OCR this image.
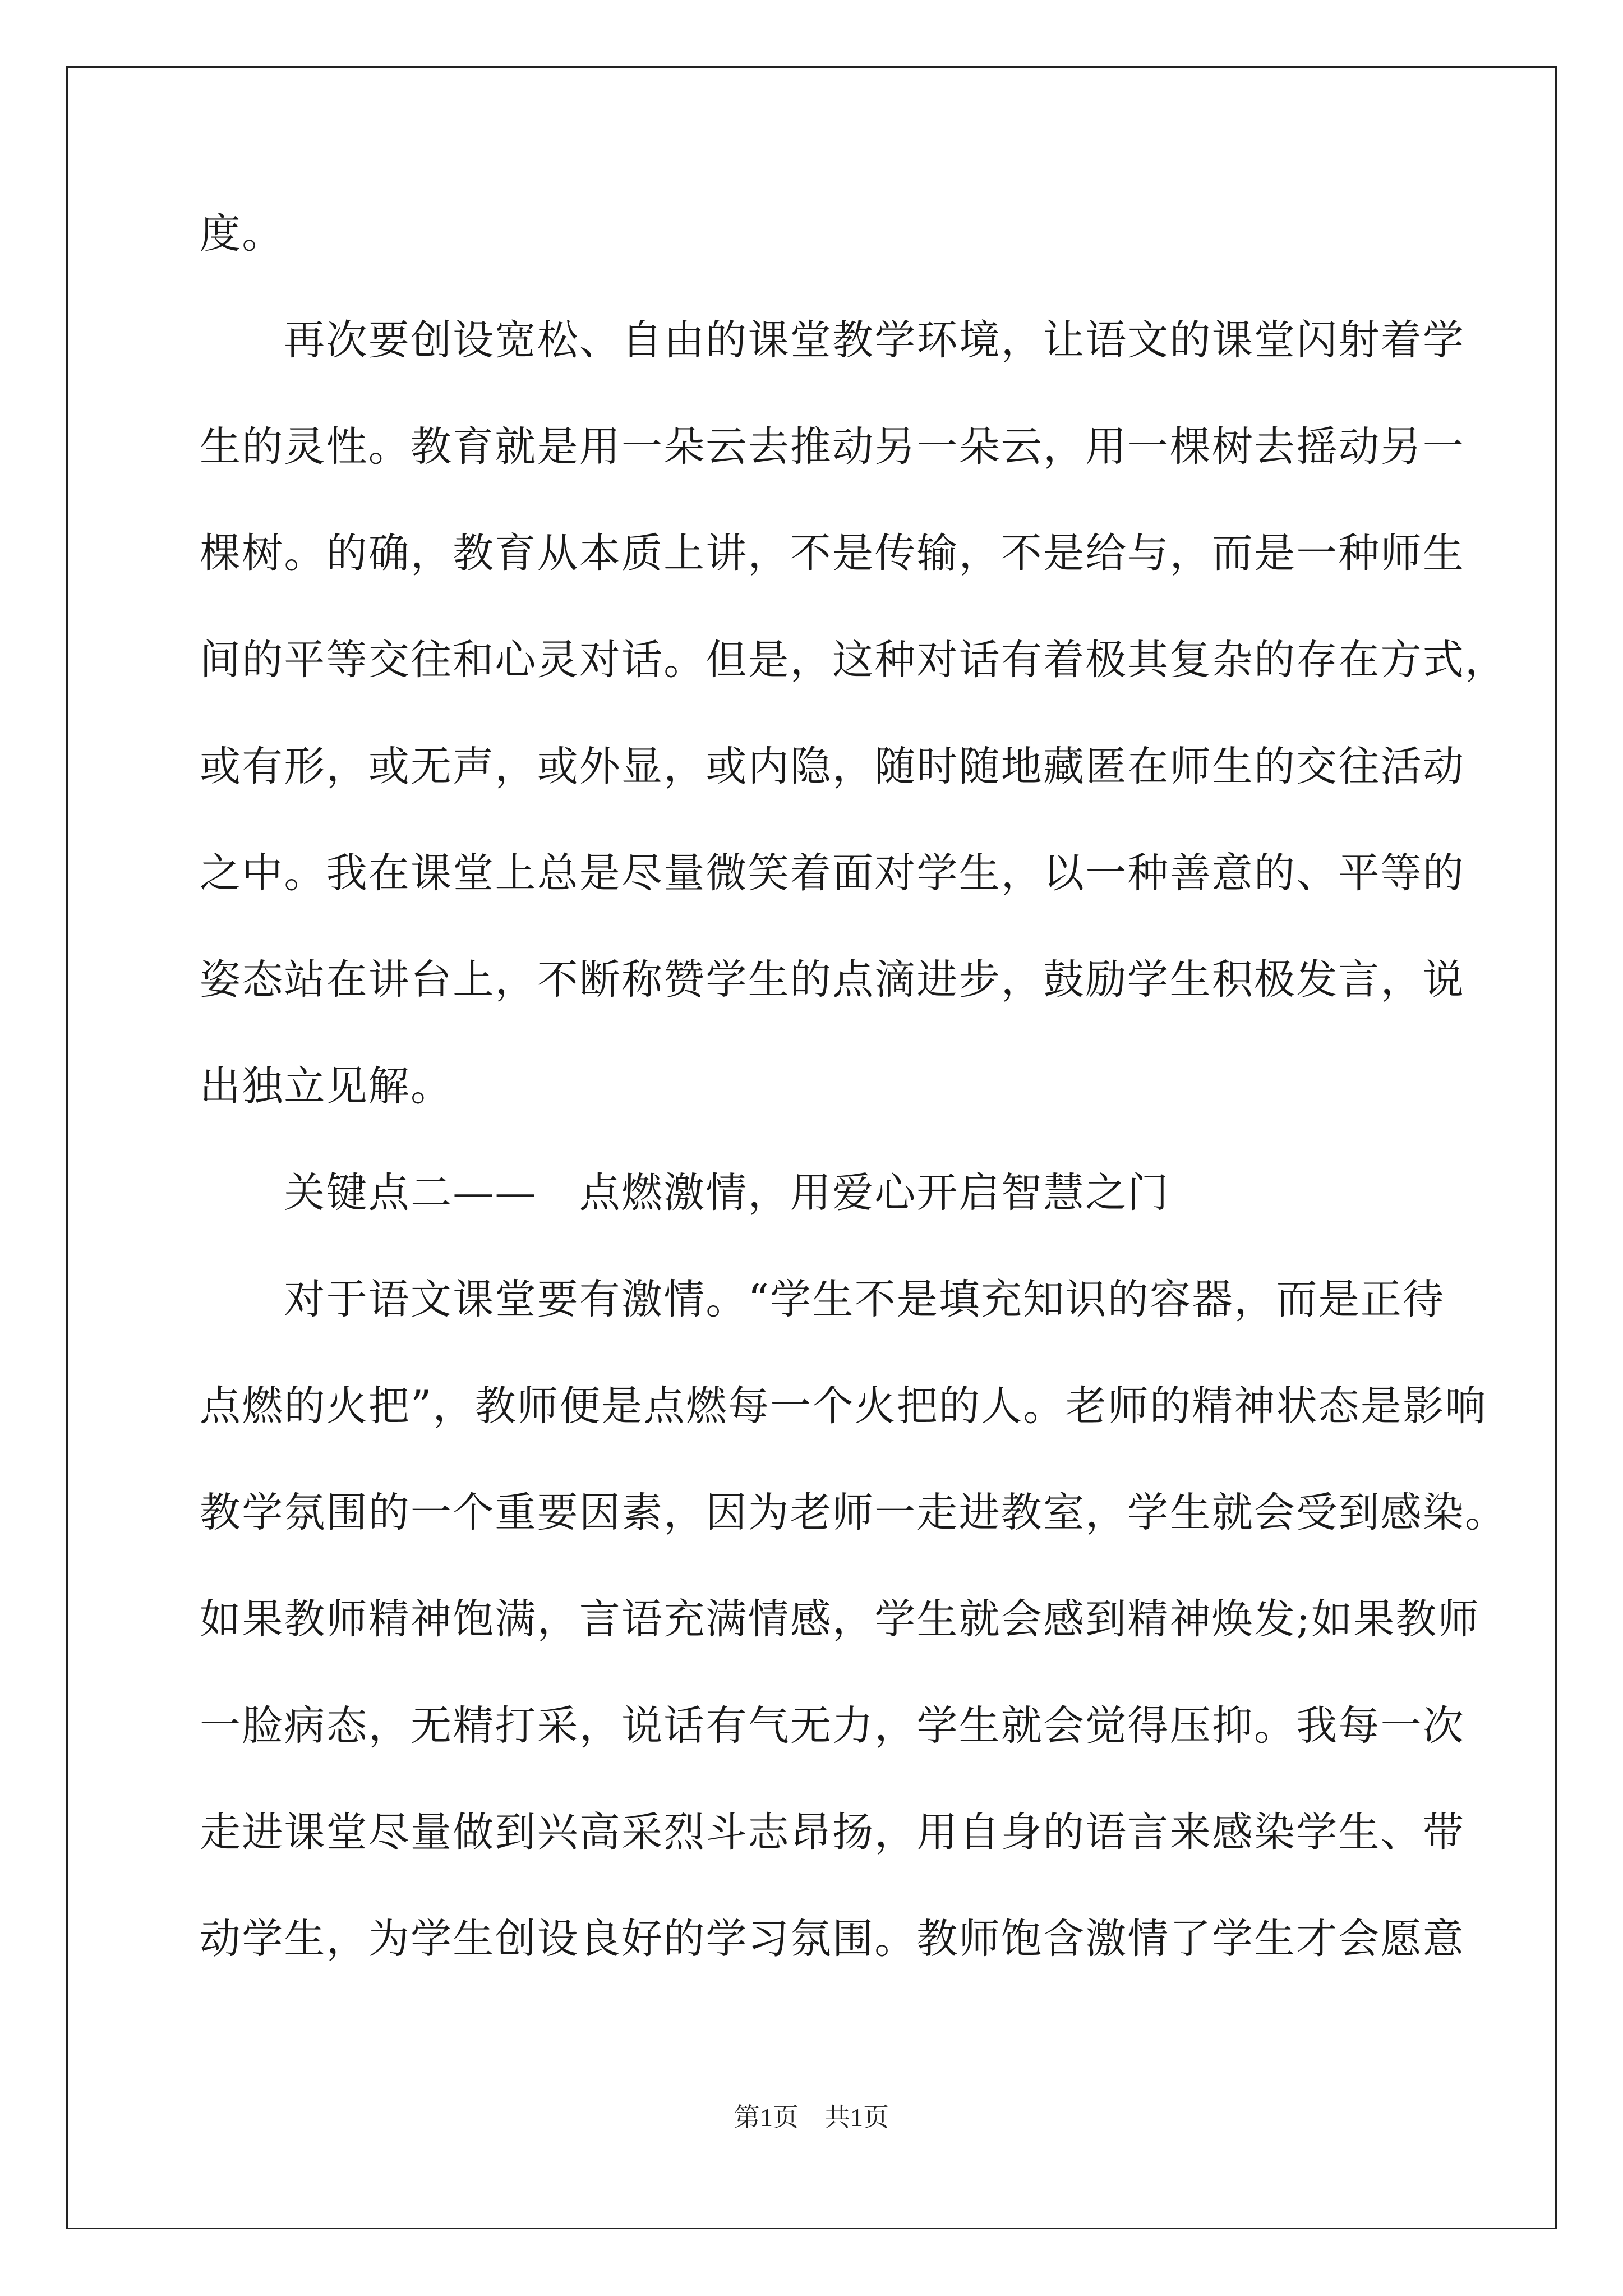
度。
　　再次要创设宽松、自由的课堂教学环境，让语文的课堂闪射着学
生的灵性。教育就是用一朵云去推动另一朵云，用一棵树去摇动另一
棵树。的确，教育从本质上讲，不是传输，不是给与，而是一种师生
间的平等交往和心灵对话。但是，这种对话有着极其复杂的存在方式，
或有形，或无声，或外显，或内隐，随时随地藏匿在师生的交往活动
之中。我在课堂上总是尽量微笑着面对学生，以一种善意的、平等的
姿态站在讲台上，不断称赞学生的点滴进步，鼓励学生积极发言，说
出独立见解。
　　关键点二——　点燃激情，用爱心开启智慧之门
　　对于语文课堂要有激情。“学生不是填充知识的容器，而是正待
点燃的火把”，教师便是点燃每一个火把的人。老师的精神状态是影响
教学氛围的一个重要因素，因为老师一走进教室，学生就会受到感染。
如果教师精神饱满，言语充满情感，学生就会感到精神焕发;如果教师
一脸病态，无精打采，说话有气无力，学生就会觉得压抑。我每一次
走进课堂尽量做到兴高采烈斗志昂扬，用自身的语言来感染学生、带
动学生，为学生创设良好的学习氛围。教师饱含激情了学生才会愿意
第1页　共1页
